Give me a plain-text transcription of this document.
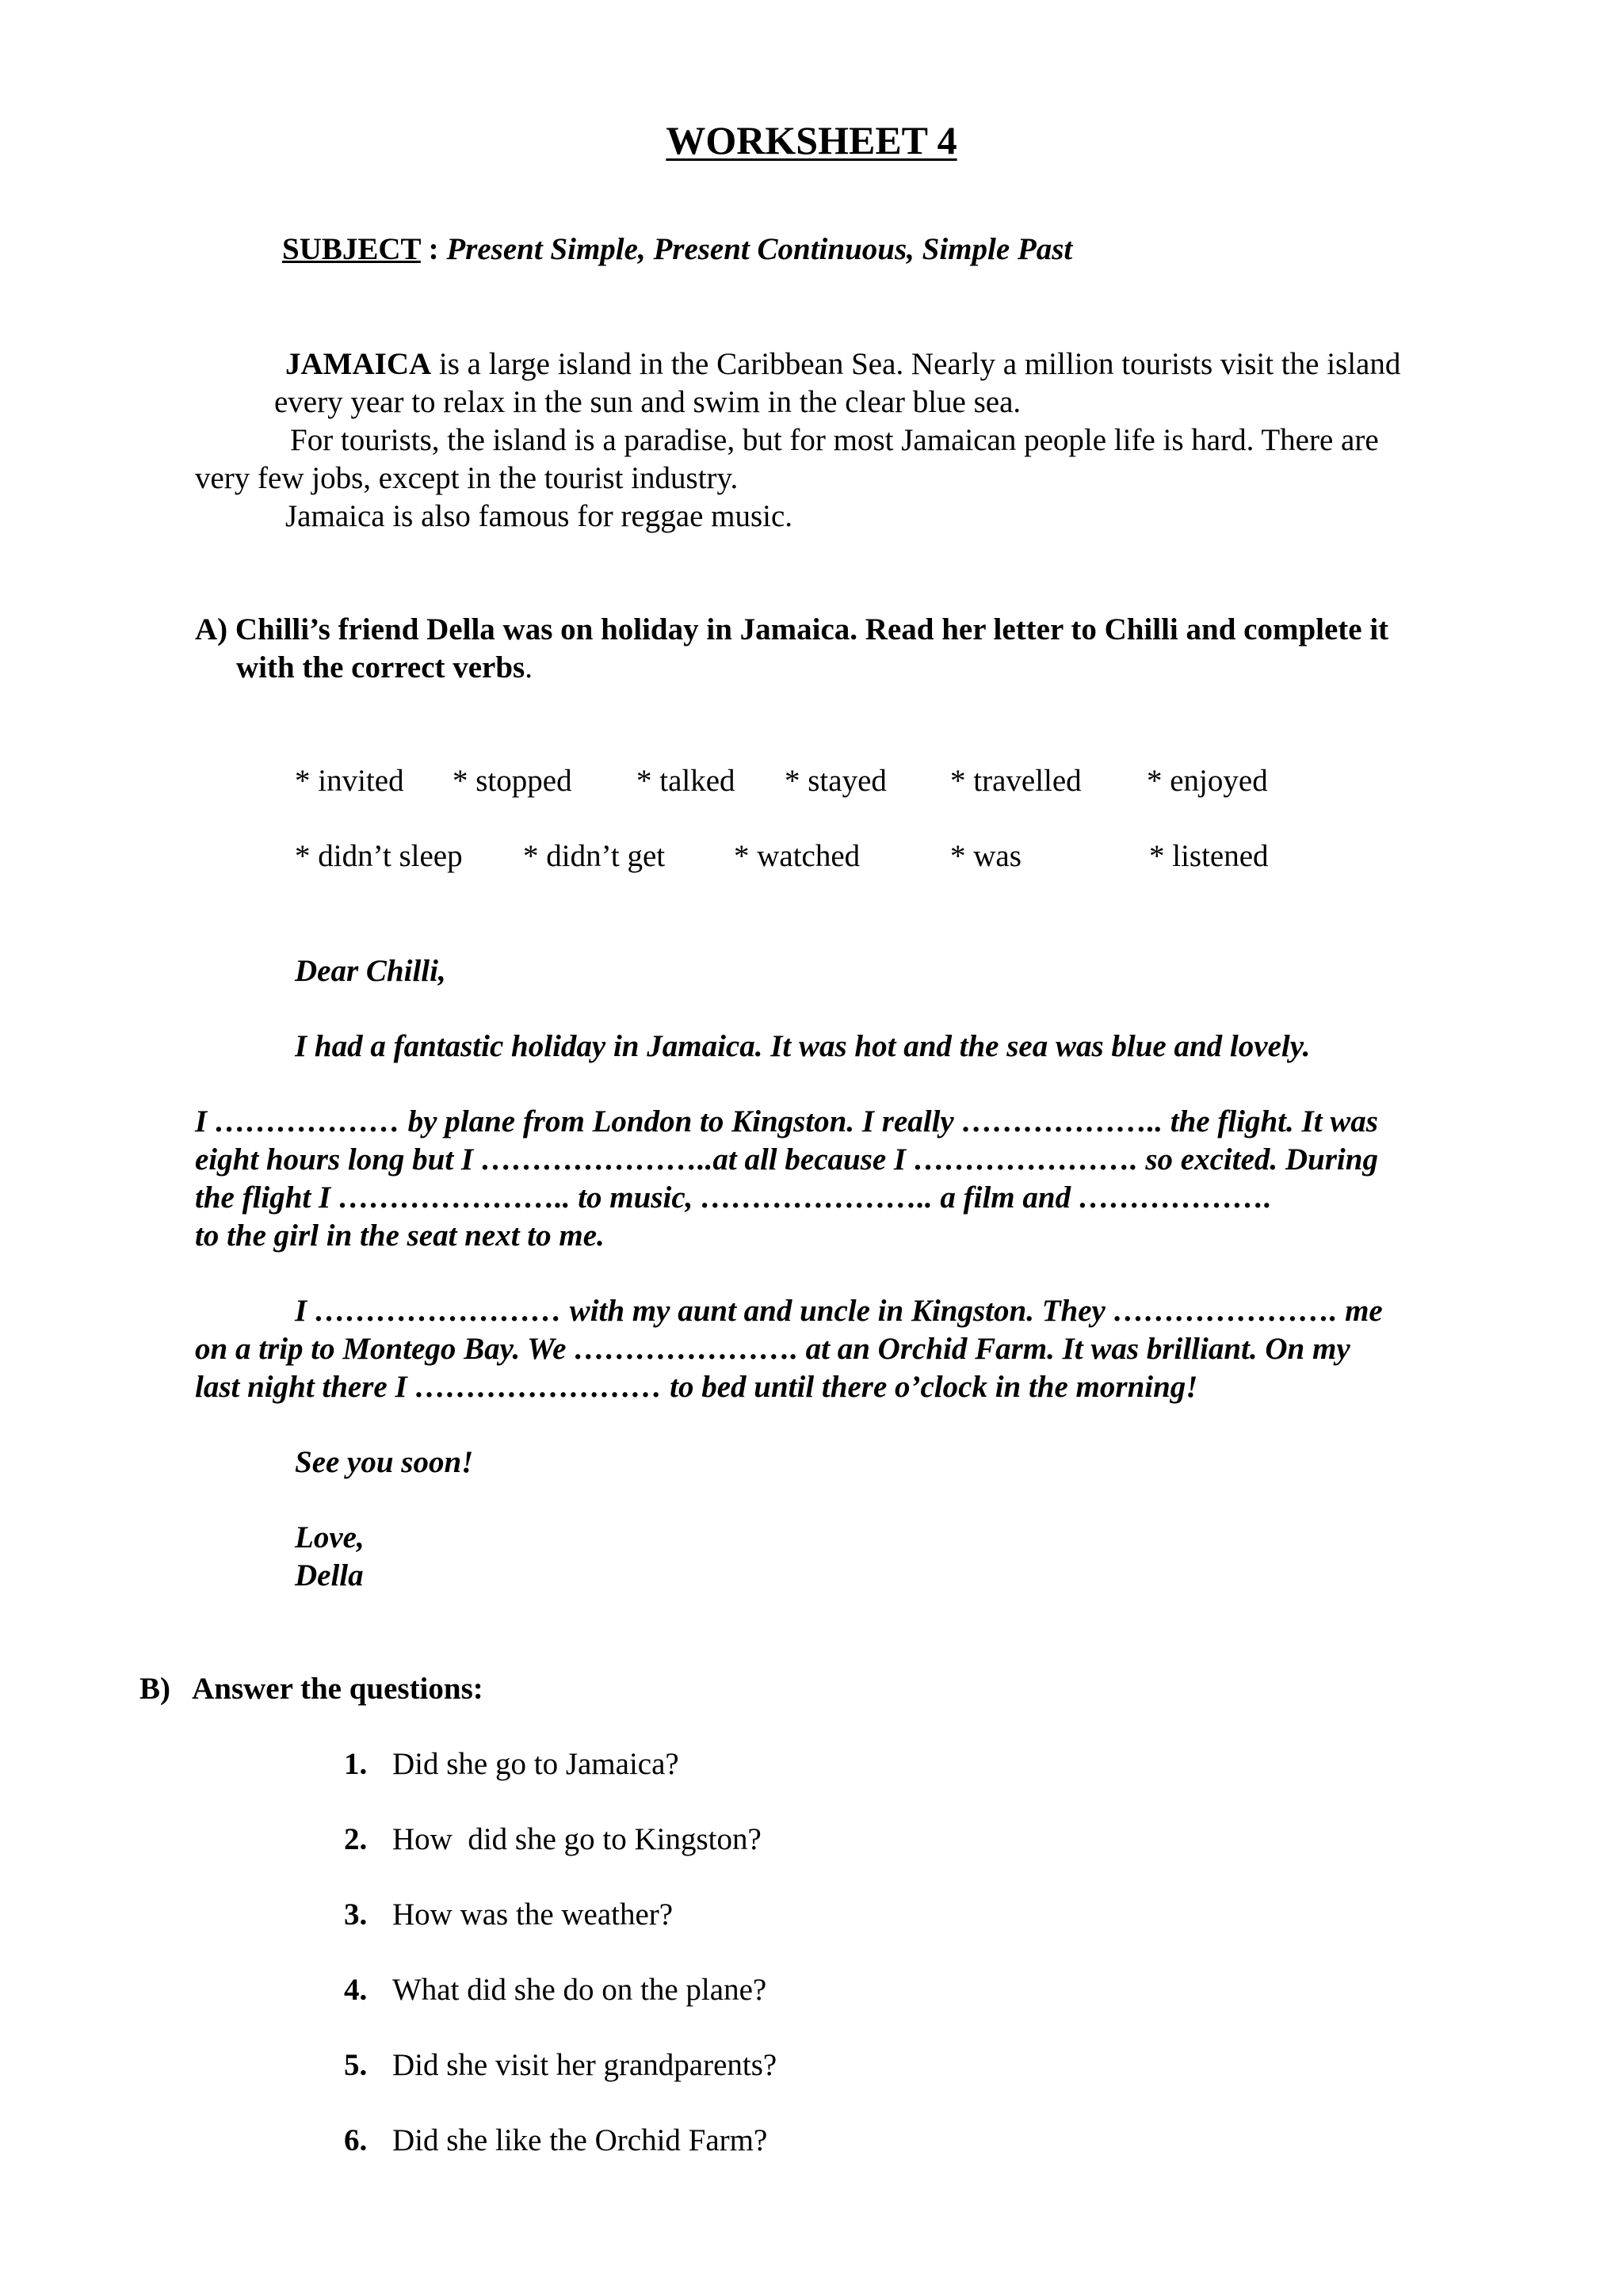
WORKSHEET 4
SUBJECT : Present Simple, Present Continuous, Simple Past
JAMAICA is a large island in the Caribbean Sea. Nearly a million tourists visit the island
every year to relax in the sun and swim in the clear blue sea.
For tourists, the island is a paradise, but for most Jamaican people life is hard. There are
very few jobs, except in the tourist industry.
Jamaica is also famous for reggae music.
A) Chilli’s friend Della was on holiday in Jamaica. Read her letter to Chilli and complete it
with the correct verbs.
* invited * stopped * talked * stayed * travelled * enjoyed
* didn’t sleep * didn’t get * watched	* was	* listened
Dear Chilli,
I had a fantastic holiday in Jamaica. It was hot and the sea was blue and lovely.
I ……………… by plane from London to Kingston. I really ……………….. the flight. It was
eight hours long but I …………………..at all because I …………………. so excited. During
the flight I ………………….. to music, ………………….. a film and ……………….
to the girl in the seat next to me.
I …………………… with my aunt and uncle in Kingston. They …………………. me
on a trip to Montego Bay. We …………………. at an Orchid Farm. It was brilliant. On my
last night there I …………………… to bed until there o’clock in the morning!
See you soon!
Love,
Della
B)   Answer the questions:
1. Did she go to Jamaica?
2. How  did she go to Kingston?
3. How was the weather?
4. What did she do on the plane?
5. Did she visit her grandparents?
6. Did she like the Orchid Farm?
